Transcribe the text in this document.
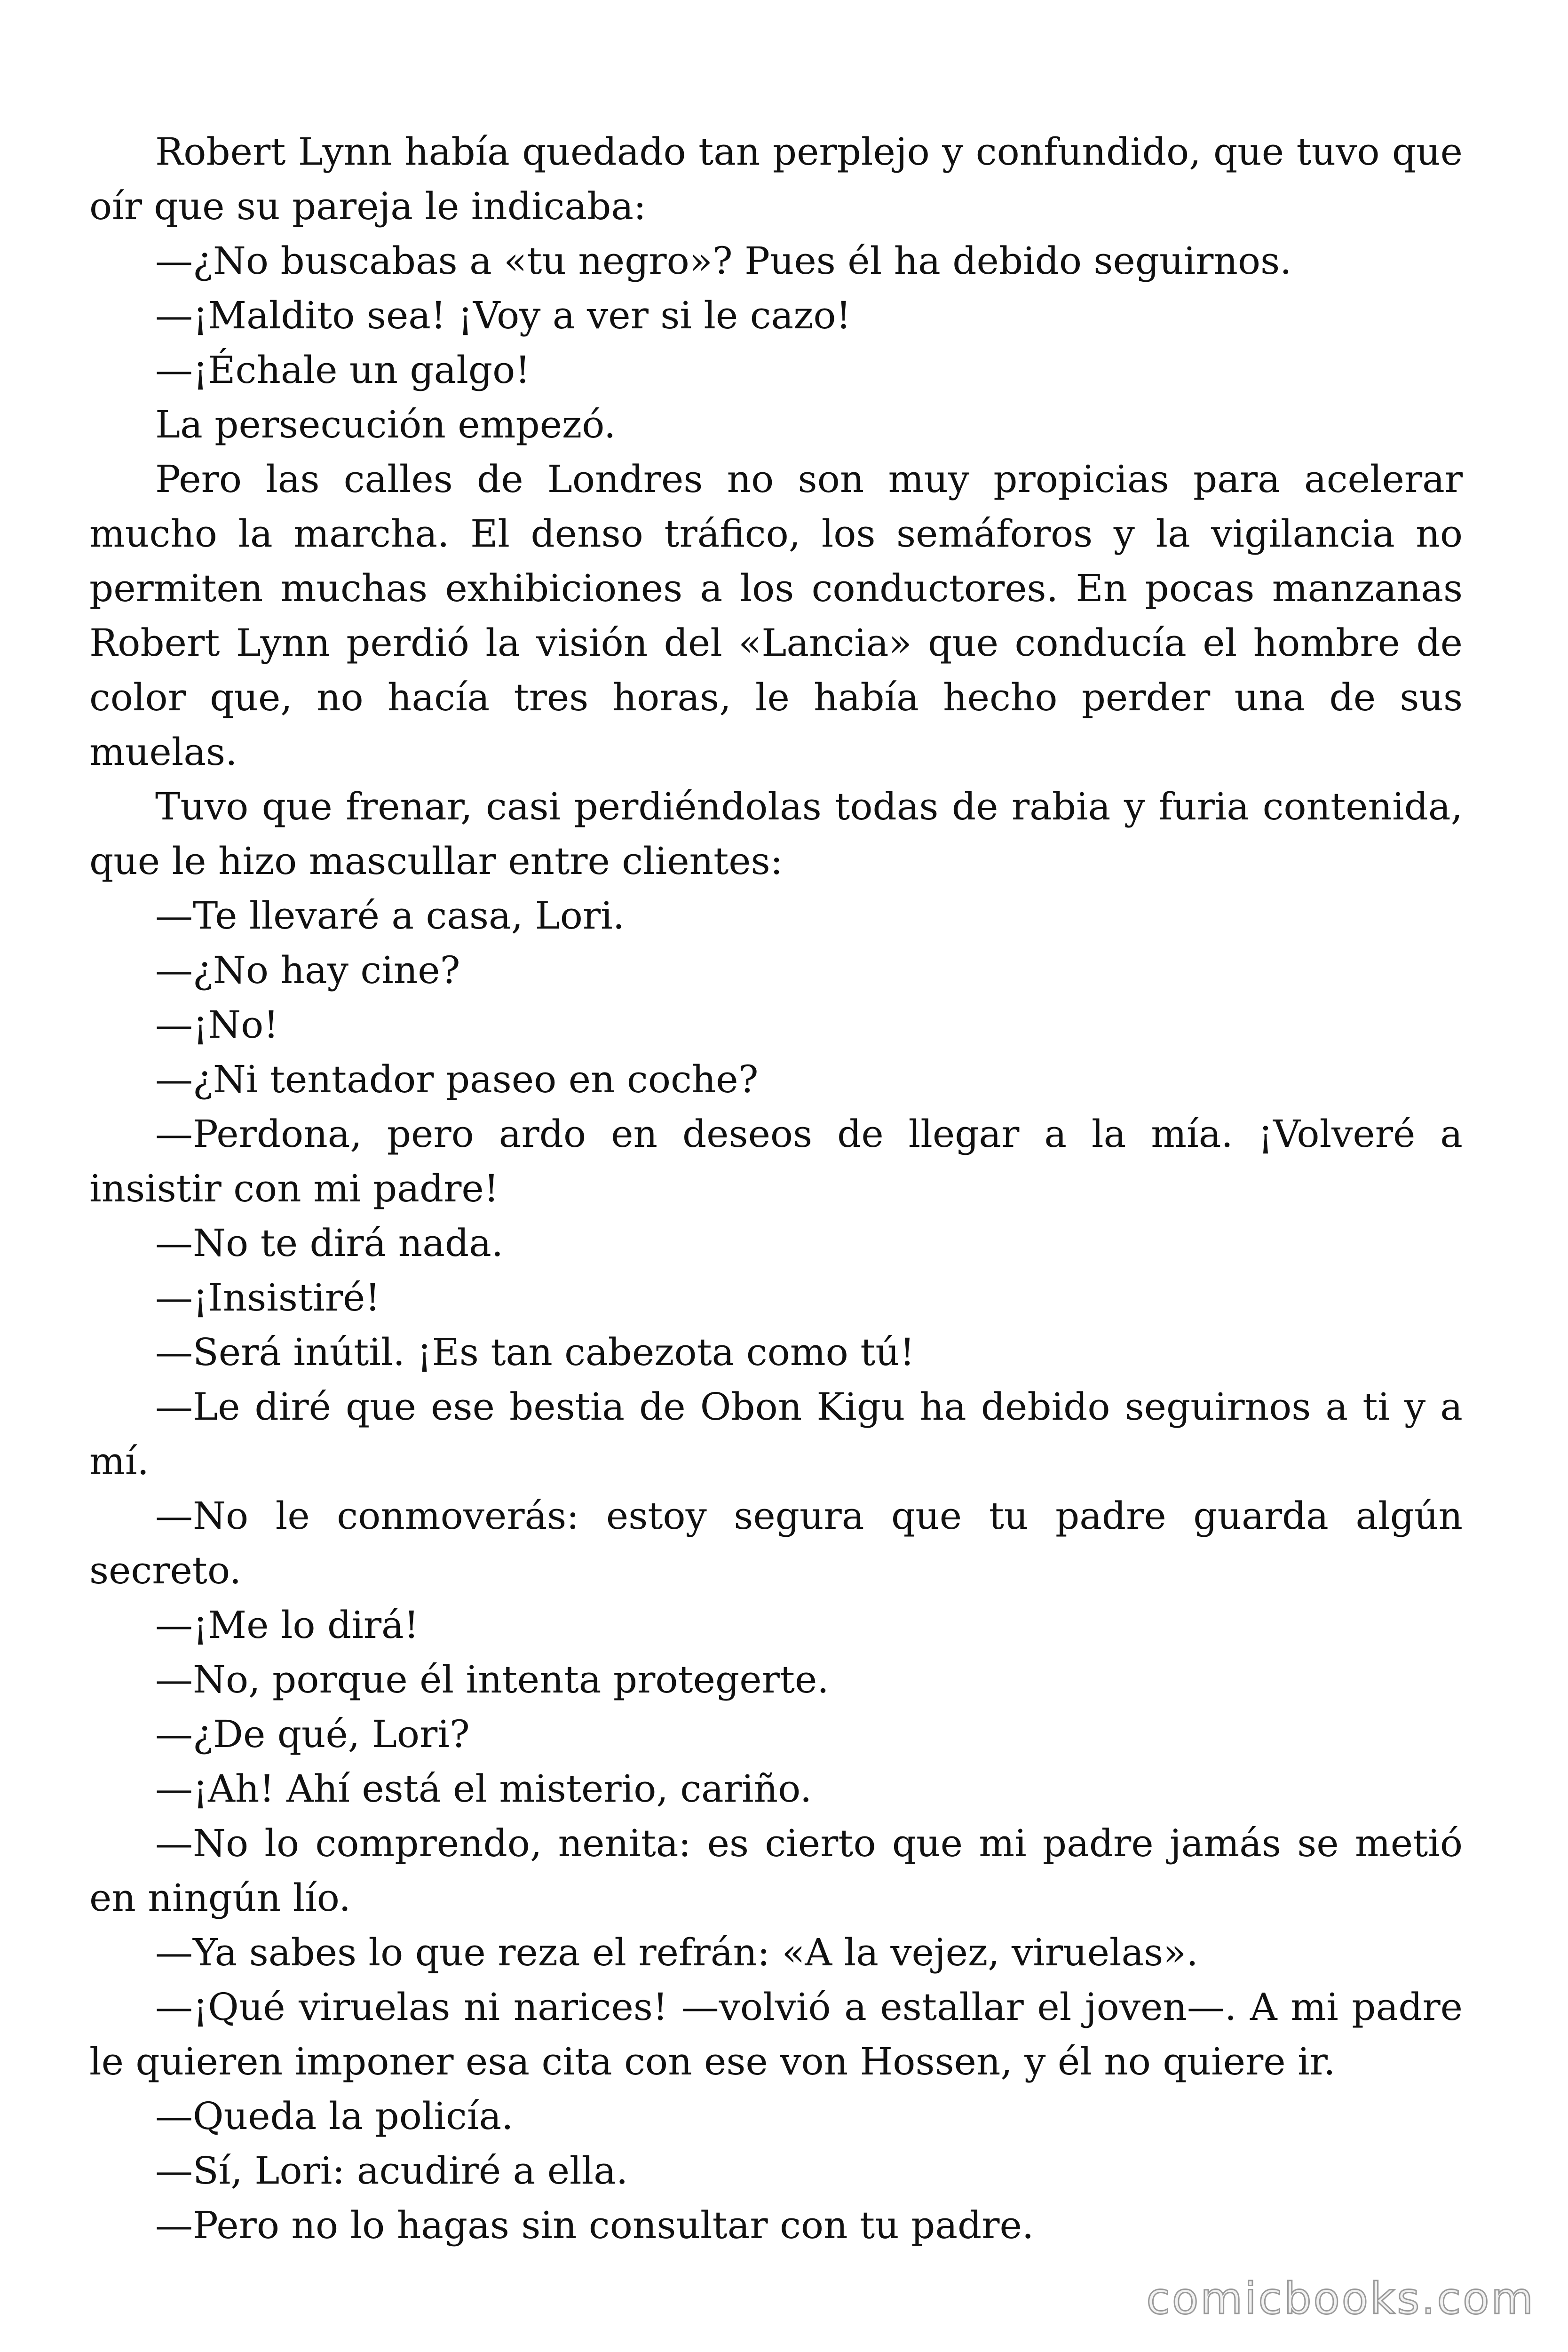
Robert Lynn había quedado tan perplejo y confundido, que tuvo que oír que su pareja le indicaba:

—¿No buscabas a «tu negro»? Pues él ha debido seguirnos.

—¡Maldito sea! ¡Voy a ver si le cazo!

—¡Échale un galgo!

La persecución empezó.

Pero las calles de Londres no son muy propicias para acelerar mucho la marcha. El denso tráfico, los semáforos y la vigilancia no permiten muchas exhibiciones a los conductores. En pocas manzanas Robert Lynn perdió la visión del «Lancia» que conducía el hombre de color que, no hacía tres horas, le había hecho perder una de sus muelas.

Tuvo que frenar, casi perdiéndolas todas de rabia y furia contenida, que le hizo mascullar entre clientes:

—Te llevaré a casa, Lori.

—¿No hay cine?

—¡No!

—¿Ni tentador paseo en coche?

—Perdona, pero ardo en deseos de llegar a la mía. ¡Volveré a insistir con mi padre!

—No te dirá nada.

—¡Insistiré!

—Será inútil. ¡Es tan cabezota como tú!

—Le diré que ese bestia de Obon Kigu ha debido seguirnos a ti y a mí.

—No le conmoverás: estoy segura que tu padre guarda algún secreto.

—¡Me lo dirá!

—No, porque él intenta protegerte.

—¿De qué, Lori?

—¡Ah! Ahí está el misterio, cariño.

—No lo comprendo, nenita: es cierto que mi padre jamás se metió en ningún lío.

—Ya sabes lo que reza el refrán: «A la vejez, viruelas».

—¡Qué viruelas ni narices! —volvió a estallar el joven—. A mi padre le quieren imponer esa cita con ese von Hossen, y él no quiere ir.

—Queda la policía.

—Sí, Lori: acudiré a ella.

—Pero no lo hagas sin consultar con tu padre.

comicbooks.com
